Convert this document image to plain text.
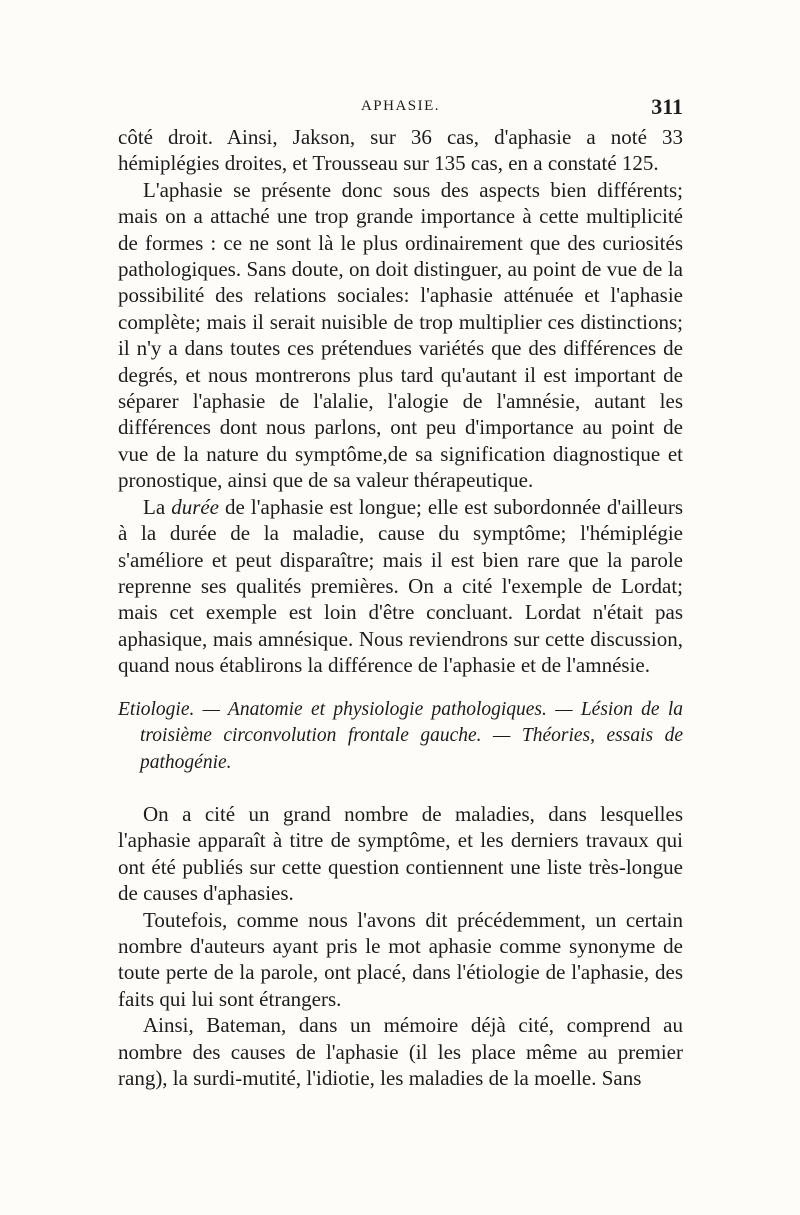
APHASIE.	311

côté droit. Ainsi, Jakson, sur 36 cas, d'aphasie a noté 33 hémiplégies droites, et Trousseau sur 135 cas, en a constaté 125.

L'aphasie se présente donc sous des aspects bien différents; mais on a attaché une trop grande importance à cette multiplicité de formes : ce ne sont là le plus ordinairement que des curiosités pathologiques. Sans doute, on doit distinguer, au point de vue de la possibilité des relations sociales: l'aphasie atténuée et l'aphasie complète; mais il serait nuisible de trop multiplier ces distinctions; il n'y a dans toutes ces prétendues variétés que des différences de degrés, et nous montrerons plus tard qu'autant il est important de séparer l'aphasie de l'alalie, l'alogie de l'amnésie, autant les différences dont nous parlons, ont peu d'importance au point de vue de la nature du symptôme,de sa signification diagnostique et pronostique, ainsi que de sa valeur thérapeutique.

La durée de l'aphasie est longue; elle est subordonnée d'ailleurs à la durée de la maladie, cause du symptôme; l'hémiplégie s'améliore et peut disparaître; mais il est bien rare que la parole reprenne ses qualités premières. On a cité l'exemple de Lordat; mais cet exemple est loin d'être concluant. Lordat n'était pas aphasique, mais amnésique. Nous reviendrons sur cette discussion, quand nous établirons la différence de l'aphasie et de l'amnésie.

Etiologie. — Anatomie et physiologie pathologiques. — Lésion de la troisième circonvolution frontale gauche. — Théories, essais de pathogénie.

On a cité un grand nombre de maladies, dans lesquelles l'aphasie apparaît à titre de symptôme, et les derniers travaux qui ont été publiés sur cette question contiennent une liste très-longue de causes d'aphasies.

Toutefois, comme nous l'avons dit précédemment, un certain nombre d'auteurs ayant pris le mot aphasie comme synonyme de toute perte de la parole, ont placé, dans l'étiologie de l'aphasie, des faits qui lui sont étrangers.

Ainsi, Bateman, dans un mémoire déjà cité, comprend au nombre des causes de l'aphasie (il les place même au premier rang), la surdi-mutité, l'idiotie, les maladies de la moelle. Sans
